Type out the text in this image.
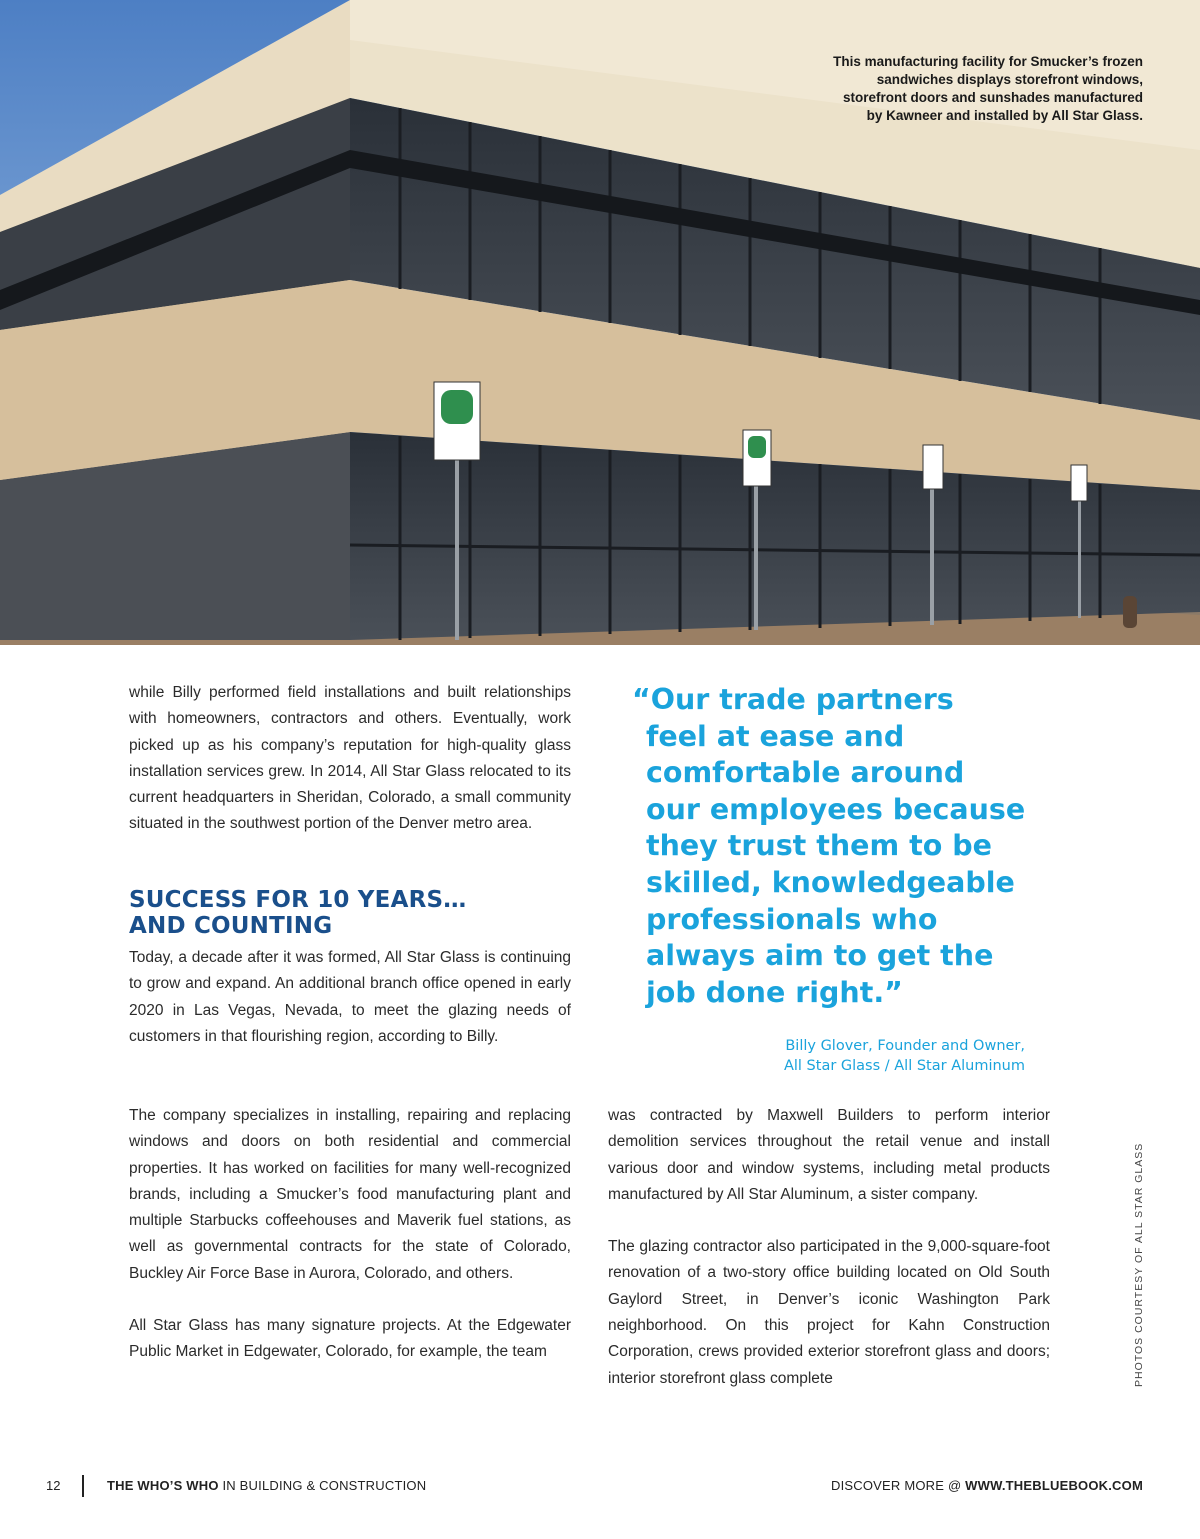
This manufacturing facility for Smucker’s frozen sandwiches displays storefront windows, storefront doors and sunshades manufactured by Kawneer and installed by All Star Glass.

while Billy performed field installations and built relationships with homeowners, contractors and others. Eventually, work picked up as his company’s reputation for high-quality glass installation services grew. In 2014, All Star Glass relocated to its current headquarters in Sheridan, Colorado, a small community situated in the southwest portion of the Denver metro area.

SUCCESS FOR 10 YEARS…
AND COUNTING

Today, a decade after it was formed, All Star Glass is continuing to grow and expand. An additional branch office opened in early 2020 in Las Vegas, Nevada, to meet the glazing needs of customers in that flourishing region, according to Billy.

The company specializes in installing, repairing and replacing windows and doors on both residential and commercial properties. It has worked on facilities for many well-recognized brands, including a Smucker’s food manufacturing plant and multiple Starbucks coffeehouses and Maverik fuel stations, as well as governmental contracts for the state of Colorado, Buckley Air Force Base in Aurora, Colorado, and others.

All Star Glass has many signature projects. At the Edgewater Public Market in Edgewater, Colorado, for example, the team

“Our trade partners
feel at ease and
comfortable around
our employees because
they trust them to be
skilled, knowledgeable
professionals who
always aim to get the
job done right.”
Billy Glover, Founder and Owner,
All Star Glass / All Star Aluminum

was contracted by Maxwell Builders to perform interior demolition services throughout the retail venue and install various door and window systems, including metal products manufactured by All Star Aluminum, a sister company.

The glazing contractor also participated in the 9,000-square-foot renovation of a two-story office building located on Old South Gaylord Street, in Denver’s iconic Washington Park neighborhood. On this project for Kahn Construction Corporation, crews provided exterior storefront glass and doors; interior storefront glass complete	PHOTOS COURTESY OF ALL STAR GLASS
12	THE WHO’S WHO IN BUILDING & CONSTRUCTION	DISCOVER MORE @ WWW.THEBLUEBOOK.COM
